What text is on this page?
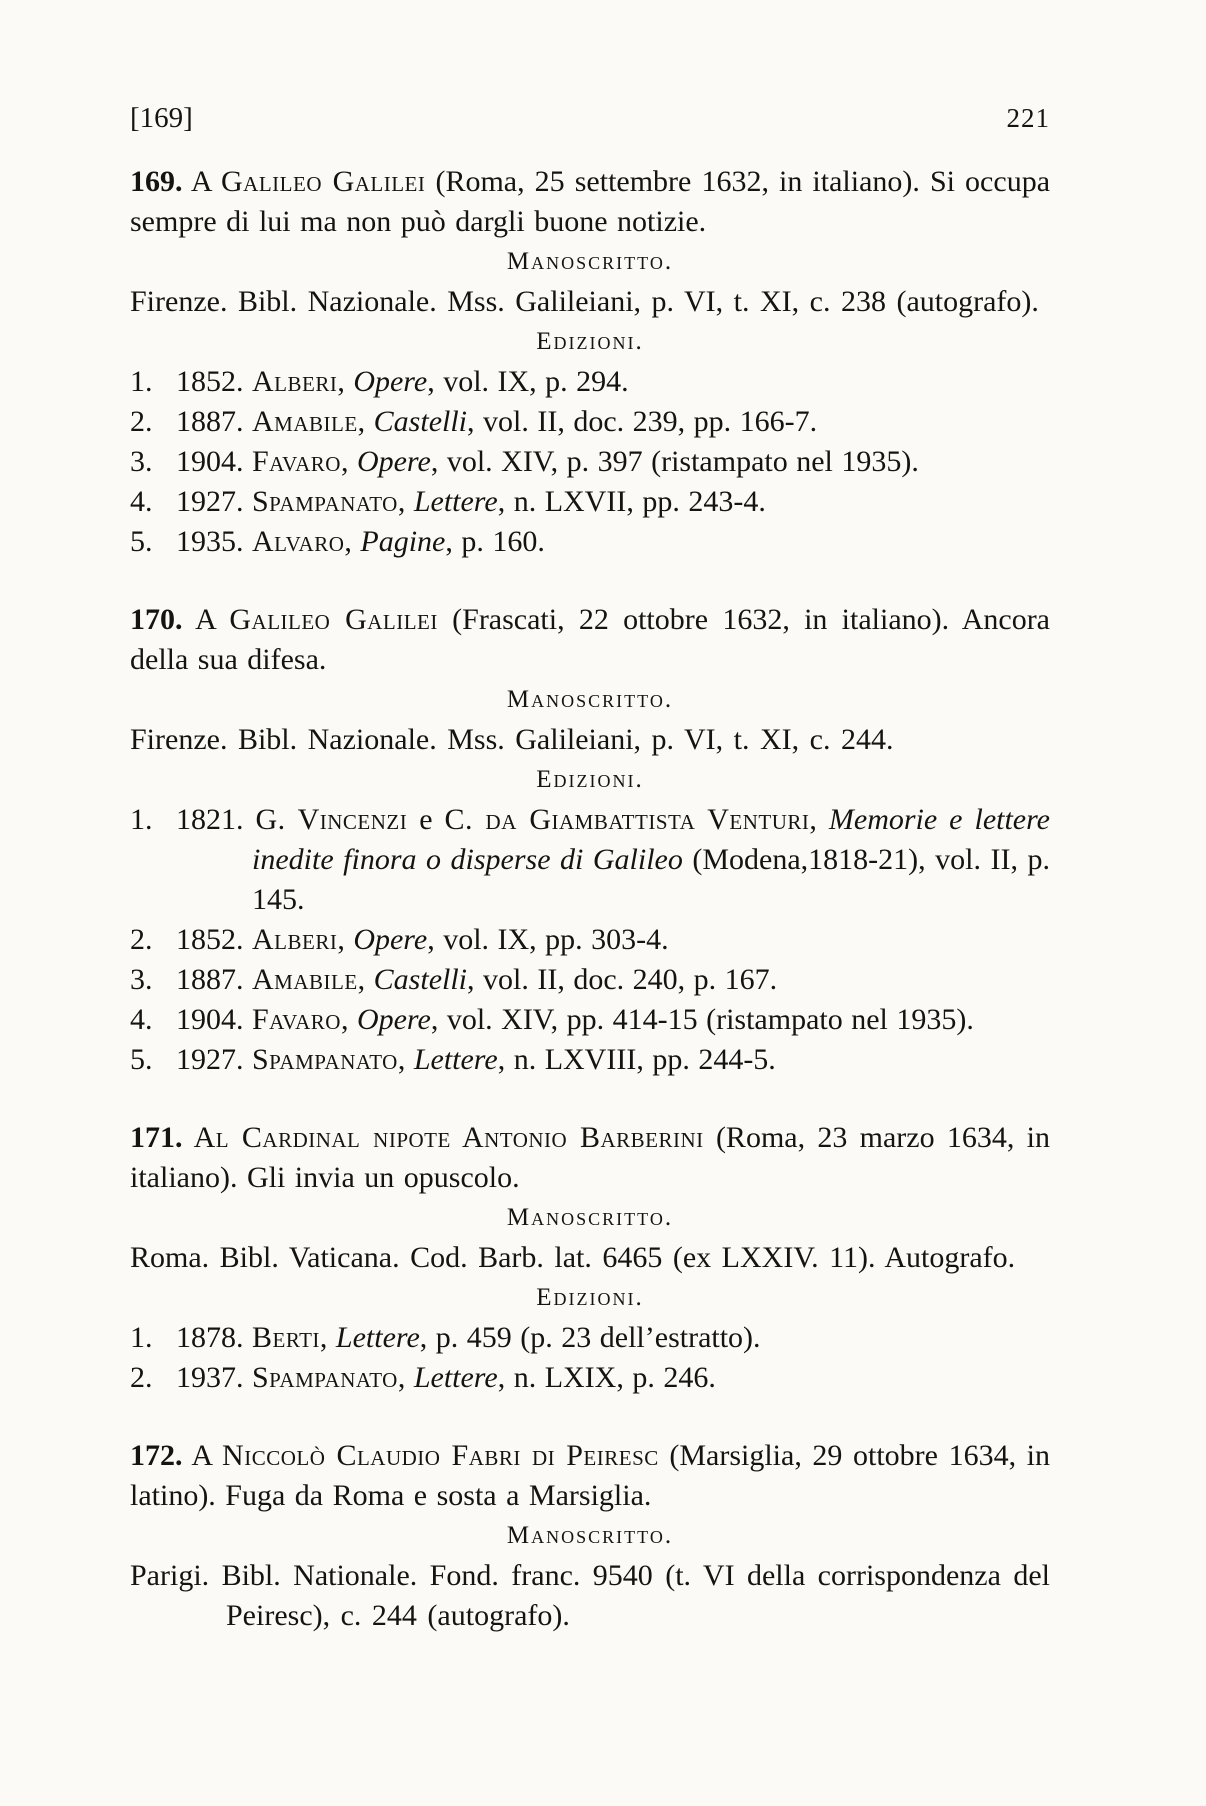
[169]	221

169. A Galileo Galilei (Roma, 25 settembre 1632, in italiano). Si occupa sempre di lui ma non può dargli buone notizie.

Manoscritto.

Firenze. Bibl. Nazionale. Mss. Galileiani, p. VI, t. XI, c. 238 (autografo).

Edizioni.

1. 1852. Alberi, Opere, vol. IX, p. 294.
2. 1887. Amabile, Castelli, vol. II, doc. 239, pp. 166-7.
3. 1904. Favaro, Opere, vol. XIV, p. 397 (ristampato nel 1935).
4. 1927. Spampanato, Lettere, n. LXVII, pp. 243-4.
5. 1935. Alvaro, Pagine, p. 160.

170. A Galileo Galilei (Frascati, 22 ottobre 1632, in italiano). Ancora della sua difesa.

Manoscritto.

Firenze. Bibl. Nazionale. Mss. Galileiani, p. VI, t. XI, c. 244.

Edizioni.

1. 1821. G. Vincenzi e C. da Giambattista Venturi, Memorie e lettere inedite finora o disperse di Galileo (Modena,1818-21), vol. II, p. 145.
2. 1852. Alberi, Opere, vol. IX, pp. 303-4.
3. 1887. Amabile, Castelli, vol. II, doc. 240, p. 167.
4. 1904. Favaro, Opere, vol. XIV, pp. 414-15 (ristampato nel 1935).
5. 1927. Spampanato, Lettere, n. LXVIII, pp. 244-5.

171. Al Cardinal nipote Antonio Barberini (Roma, 23 marzo 1634, in italiano). Gli invia un opuscolo.

Manoscritto.

Roma. Bibl. Vaticana. Cod. Barb. lat. 6465 (ex LXXIV. 11). Autografo.

Edizioni.

1. 1878. Berti, Lettere, p. 459 (p. 23 dell’estratto).
2. 1937. Spampanato, Lettere, n. LXIX, p. 246.

172. A Niccolò Claudio Fabri di Peiresc (Marsiglia, 29 ottobre 1634, in latino). Fuga da Roma e sosta a Marsiglia.

Manoscritto.

Parigi. Bibl. Nationale. Fond. franc. 9540 (t. VI della corrispondenza del Peiresc), c. 244 (autografo).
